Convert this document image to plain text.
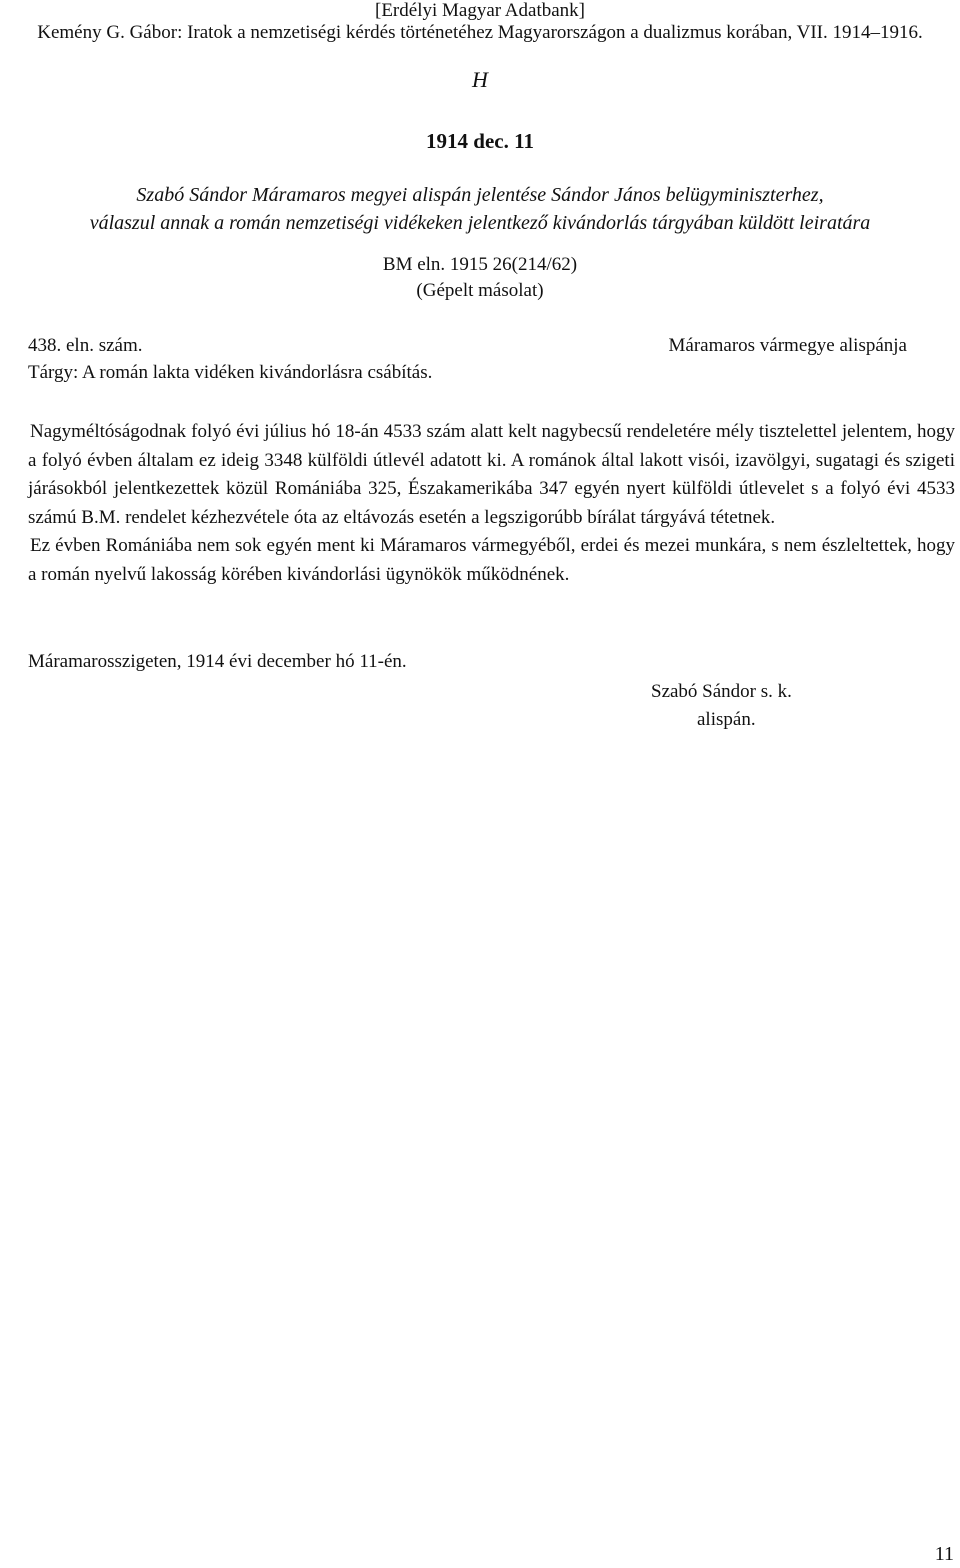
[Erdélyi Magyar Adatbank]
Kemény G. Gábor: Iratok a nemzetiségi kérdés történetéhez Magyarországon a dualizmus korában, VII. 1914–1916.
H
1914 dec. 11
Szabó Sándor Máramaros megyei alispán jelentése Sándor János belügyminiszterhez,
válaszul annak a román nemzetiségi vidékeken jelentkező kivándorlás tárgyában küldött leiratára
BM eln. 1915 26(214/62)
(Gépelt másolat)
438. eln. szám.	Máramaros vármegye alispánja
Tárgy: A román lakta vidéken kivándorlásra csábítás.

Nagyméltóságodnak folyó évi július hó 18-án 4533 szám alatt kelt nagybecsű rendeletére mély tisztelettel jelentem, hogy a folyó évben általam ez ideig 3348 külföldi útlevél adatott ki. A románok által lakott visói, izavölgyi, sugatagi és szigeti járásokból jelentkezettek közül Romániába 325, Északamerikába 347 egyén nyert külföldi útlevelet s a folyó évi 4533 számú B.M. rendelet kézhezvétele óta az eltávozás esetén a legszigorúbb bírálat tárgyává tétetnek.

Ez évben Romániába nem sok egyén ment ki Máramaros vármegyéből, erdei és mezei munkára, s nem észleltettek, hogy a román nyelvű lakosság körében kivándorlási ügynökök működnének.

Máramarosszigeten, 1914 évi december hó 11-én.
Szabó Sándor s. k.
alispán.
11
